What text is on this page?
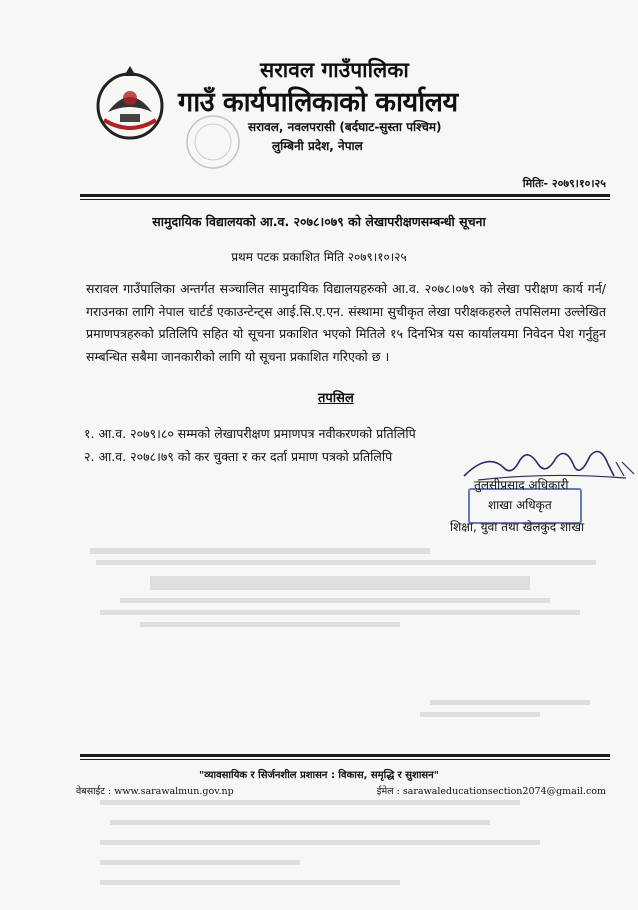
सरावल गाउँपालिका
गाउँ कार्यपालिकाको कार्यालय
सरावल, नवलपरासी (बर्दघाट-सुस्ता पश्चिम)
लुम्बिनी प्रदेश, नेपाल
मितिः- २०७९।१०।२५
सामुदायिक विद्यालयको आ.व. २०७८।०७९ को लेखापरीक्षणसम्बन्धी सूचना
प्रथम पटक प्रकाशित मिति २०७९।१०।२५
सरावल गाउँपालिका अन्तर्गत सञ्चालित सामुदायिक विद्यालयहरुको आ.व. २०७८।०७९ को लेखा परीक्षण कार्य गर्न/गराउनका लागि नेपाल चार्टर्ड एकाउन्टेन्ट्स आई.सि.ए.एन. संस्थामा सुचीकृत लेखा परीक्षकहरुले तपसिलमा उल्लेखित प्रमाणपत्रहरुको प्रतिलिपि सहित यो सूचना प्रकाशित भएको मितिले १५ दिनभित्र यस कार्यालयमा निवेदन पेश गर्नुहुन सम्बन्धित सबैमा जानकारीको लागि यो सूचना प्रकाशित गरिएको छ ।
तपसिल
१. आ.व. २०७९।८० सम्मको लेखापरीक्षण प्रमाणपत्र नवीकरणको प्रतिलिपि
२. आ.व. २०७८।७९ को कर चुक्ता र कर दर्ता प्रमाण पत्रको प्रतिलिपि
तुलसीप्रसाद अधिकारी
शाखा अधिकृत
शिक्षा, युवा तथा खेलकुद शाखा
"व्यावसायिक र सिर्जनशील प्रशासन : विकास, समृद्धि र सुशासन"
वेबसाईट : www.sarawalmun.gov.np	ईमेल : sarawaleducationsection2074@gmail.com
